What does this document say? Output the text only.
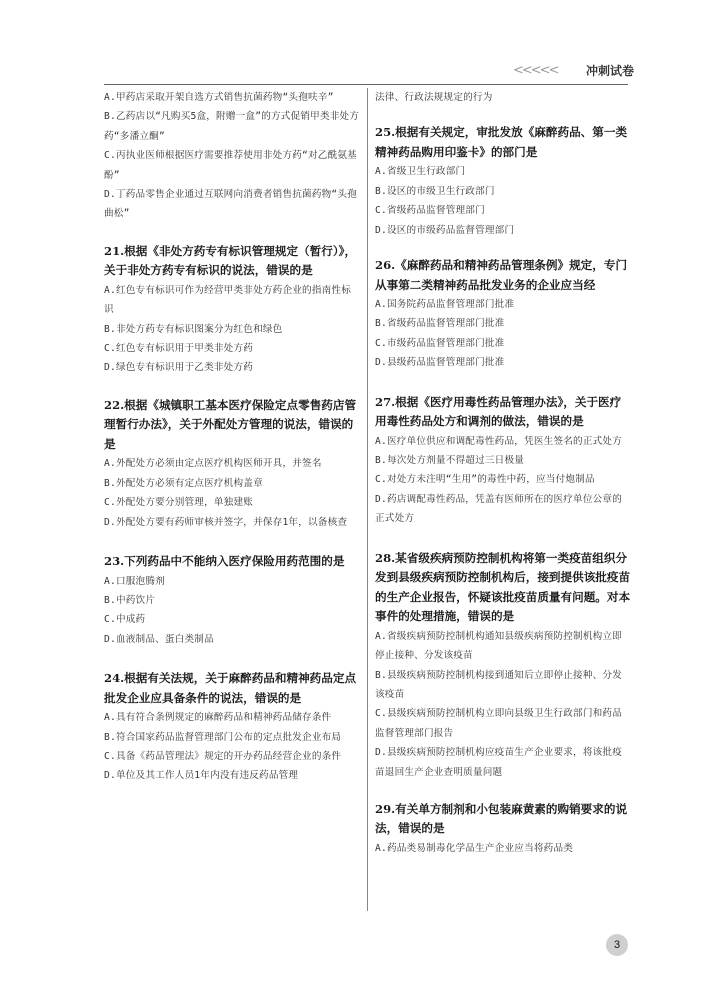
<<<<< 冲刺试卷
A.甲药店采取开架自选方式销售抗菌药物“头孢呋辛”
B.乙药店以“凡购买5盒，附赠一盒”的方式促销甲类非处方药“多潘立酮”
C.丙执业医师根据医疗需要推荐使用非处方药“对乙酰氨基酚”
D.丁药品零售企业通过互联网向消费者销售抗菌药物“头孢曲松”
21.根据《非处方药专有标识管理规定（暂行）》，关于非处方药专有标识的说法，错误的是
A.红色专有标识可作为经营甲类非处方药企业的指南性标识
B.非处方药专有标识图案分为红色和绿色
C.红色专有标识用于甲类非处方药
D.绿色专有标识用于乙类非处方药
22.根据《城镇职工基本医疗保险定点零售药店管理暂行办法》，关于外配处方管理的说法，错误的是
A.外配处方必须由定点医疗机构医师开具，并签名
B.外配处方必须有定点医疗机构盖章
C.外配处方要分别管理，单独建账
D.外配处方要有药师审核并签字，并保存1年，以备核查
23.下列药品中不能纳入医疗保险用药范围的是
A.口服泡腾剂
B.中药饮片
C.中成药
D.血液制品、蛋白类制品
24.根据有关法规，关于麻醉药品和精神药品定点批发企业应具备条件的说法，错误的是
A.具有符合条例规定的麻醉药品和精神药品储存条件
B.符合国家药品监督管理部门公布的定点批发企业布局
C.具备《药品管理法》规定的开办药品经营企业的条件
D.单位及其工作人员1年内没有违反药品管理
法律、行政法规规定的行为
25.根据有关规定，审批发放《麻醉药品、第一类精神药品购用印鉴卡》的部门是
A.省级卫生行政部门
B.设区的市级卫生行政部门
C.省级药品监督管理部门
D.设区的市级药品监督管理部门
26.《麻醉药品和精神药品管理条例》规定，专门从事第二类精神药品批发业务的企业应当经
A.国务院药品监督管理部门批准
B.省级药品监督管理部门批准
C.市级药品监督管理部门批准
D.县级药品监督管理部门批准
27.根据《医疗用毒性药品管理办法》，关于医疗用毒性药品处方和调剂的做法，错误的是
A.医疗单位供应和调配毒性药品，凭医生签名的正式处方
B.每次处方剂量不得超过三日极量
C.对处方未注明“生用”的毒性中药，应当付炮制品
D.药店调配毒性药品，凭盖有医师所在的医疗单位公章的正式处方
28.某省级疾病预防控制机构将第一类疫苗组织分发到县级疾病预防控制机构后，接到提供该批疫苗的生产企业报告，怀疑该批疫苗质量有问题。对本事件的处理措施，错误的是
A.省级疾病预防控制机构通知县级疾病预防控制机构立即停止接种、分发该疫苗
B.县级疾病预防控制机构接到通知后立即停止接种、分发该疫苗
C.县级疾病预防控制机构立即向县级卫生行政部门和药品监督管理部门报告
D.县级疾病预防控制机构应疫苗生产企业要求，将该批疫苗退回生产企业查明质量问题
29.有关单方制剂和小包装麻黄素的购销要求的说法，错误的是
A.药品类易制毒化学品生产企业应当将药品类
3
